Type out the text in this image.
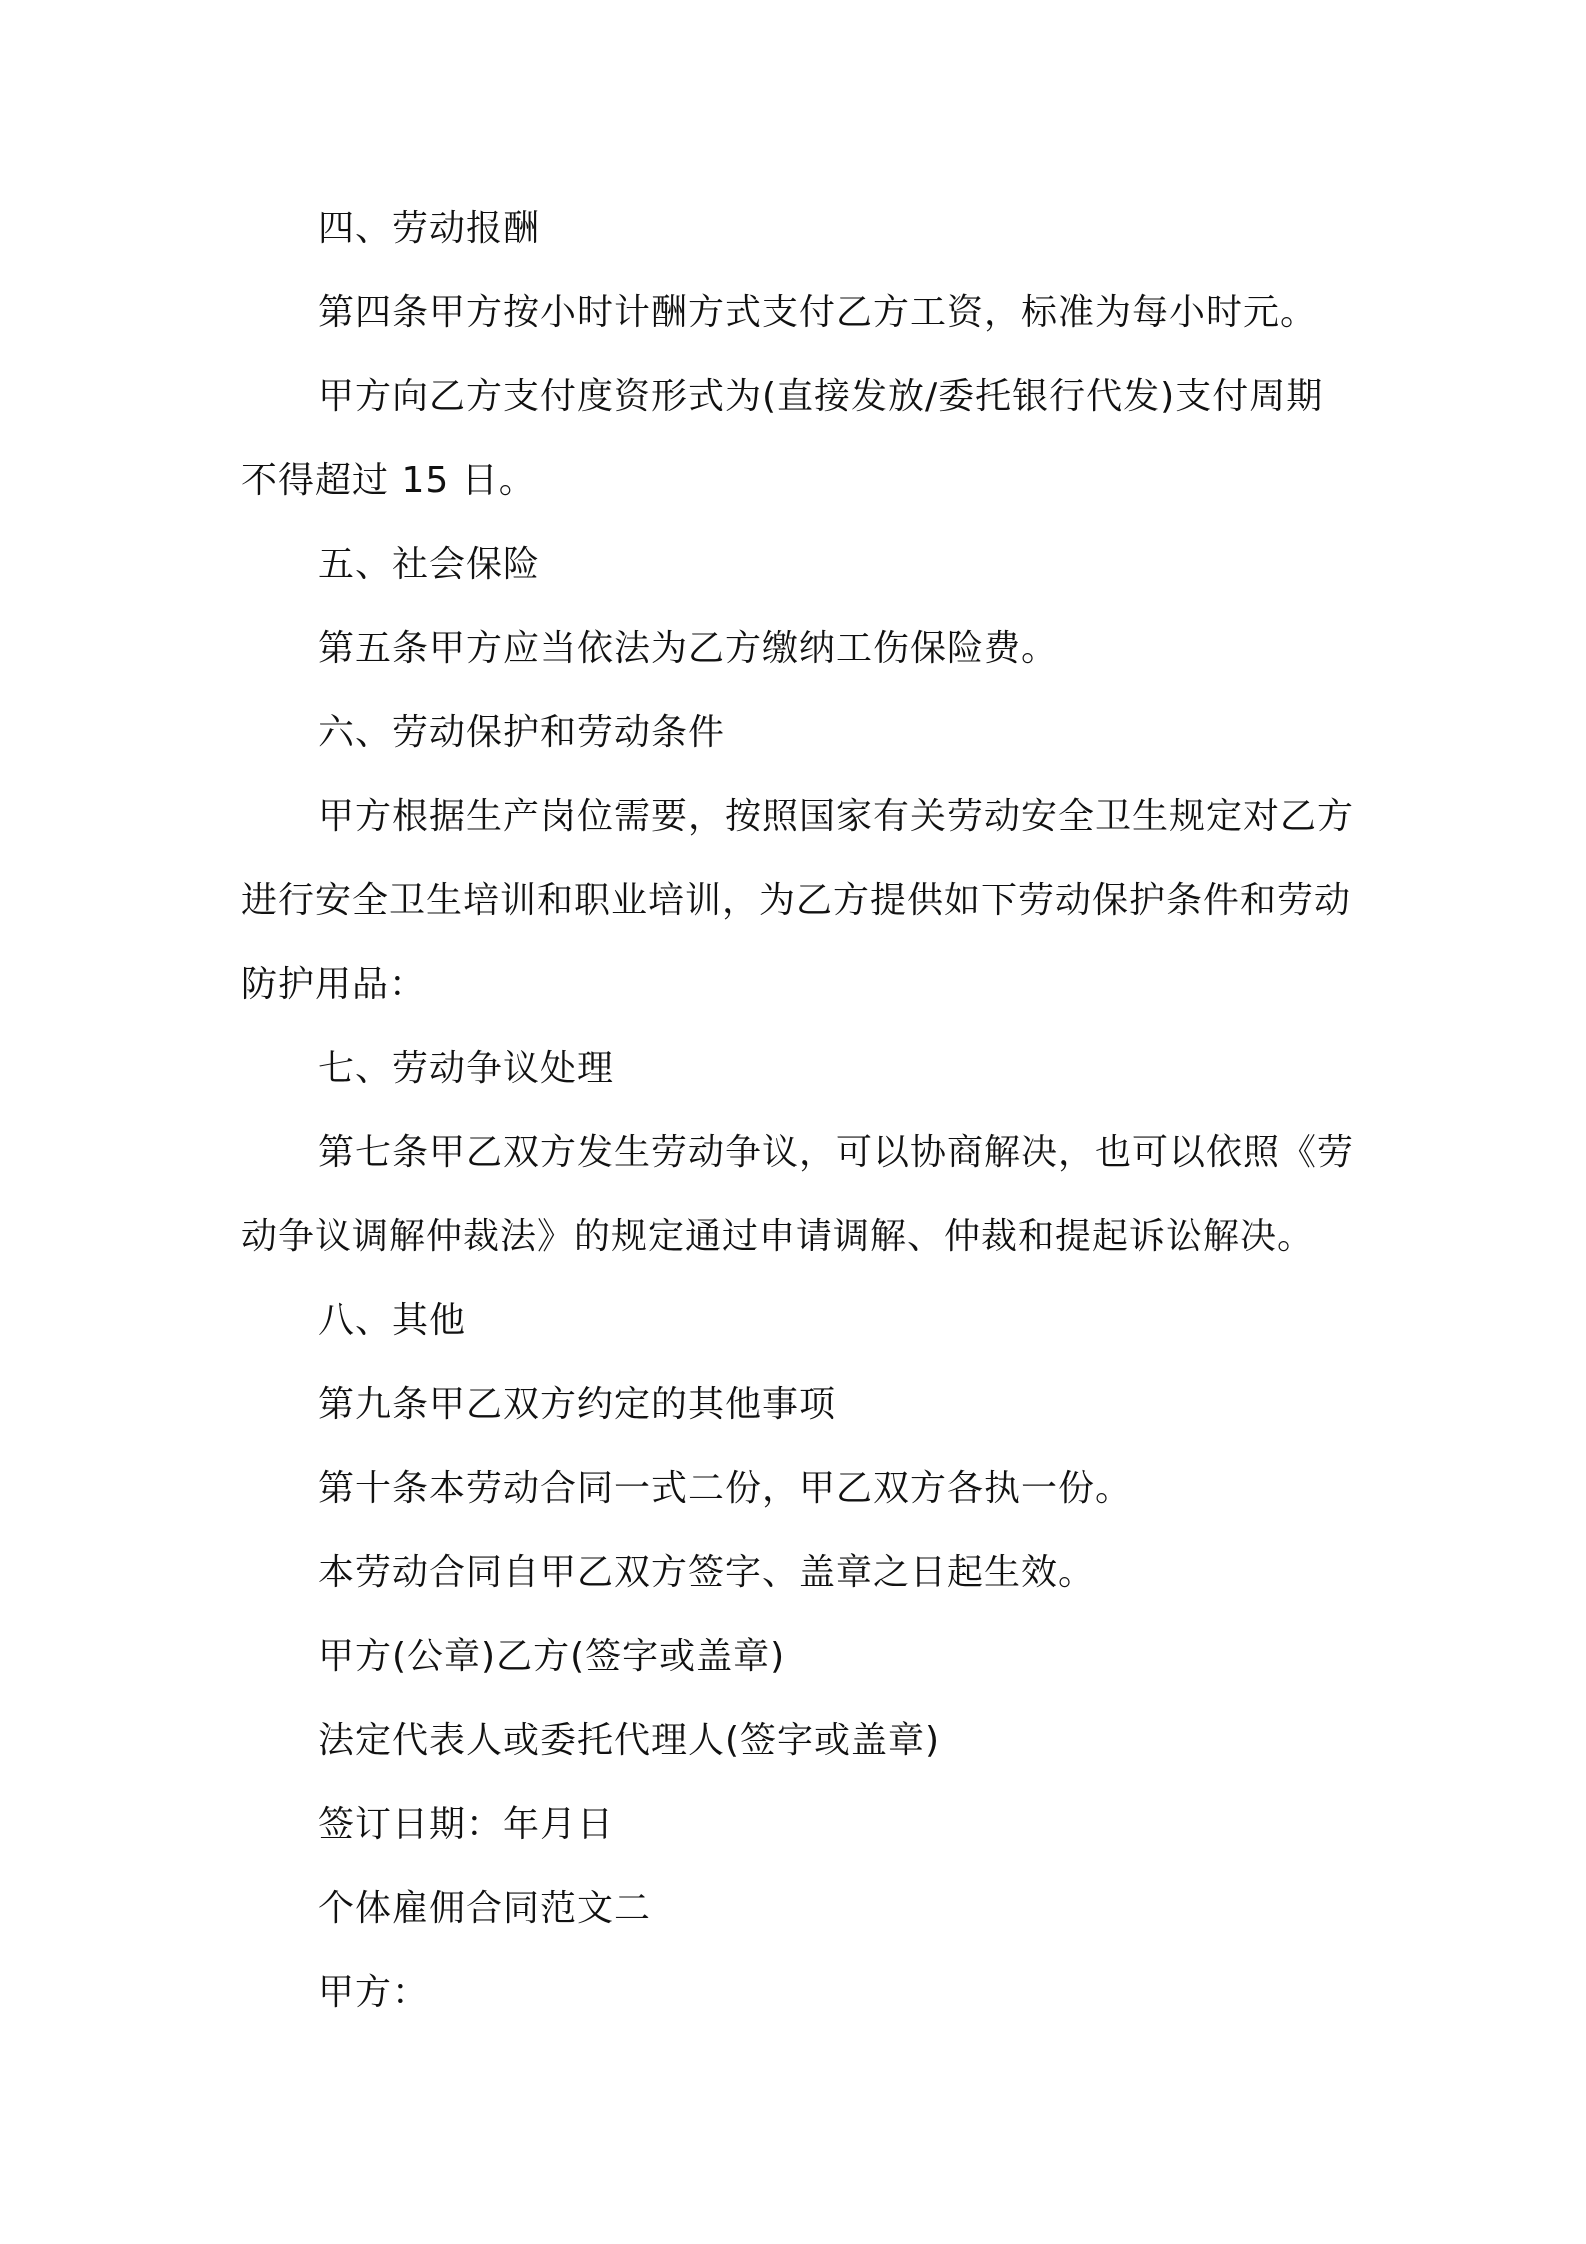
四、劳动报酬
第四条甲方按小时计酬方式支付乙方工资，标准为每小时元。
甲方向乙方支付度资形式为(直接发放/委托银行代发)支付周期
不得超过 15 日。
五、社会保险
第五条甲方应当依法为乙方缴纳工伤保险费。
六、劳动保护和劳动条件
甲方根据生产岗位需要，按照国家有关劳动安全卫生规定对乙方
进行安全卫生培训和职业培训，为乙方提供如下劳动保护条件和劳动
防护用品：
七、劳动争议处理
第七条甲乙双方发生劳动争议，可以协商解决，也可以依照《劳
动争议调解仲裁法》的规定通过申请调解、仲裁和提起诉讼解决。
八、其他
第九条甲乙双方约定的其他事项
第十条本劳动合同一式二份，甲乙双方各执一份。
本劳动合同自甲乙双方签字、盖章之日起生效。
甲方(公章)乙方(签字或盖章)
法定代表人或委托代理人(签字或盖章)
签订日期：年月日
个体雇佣合同范文二
甲方：
